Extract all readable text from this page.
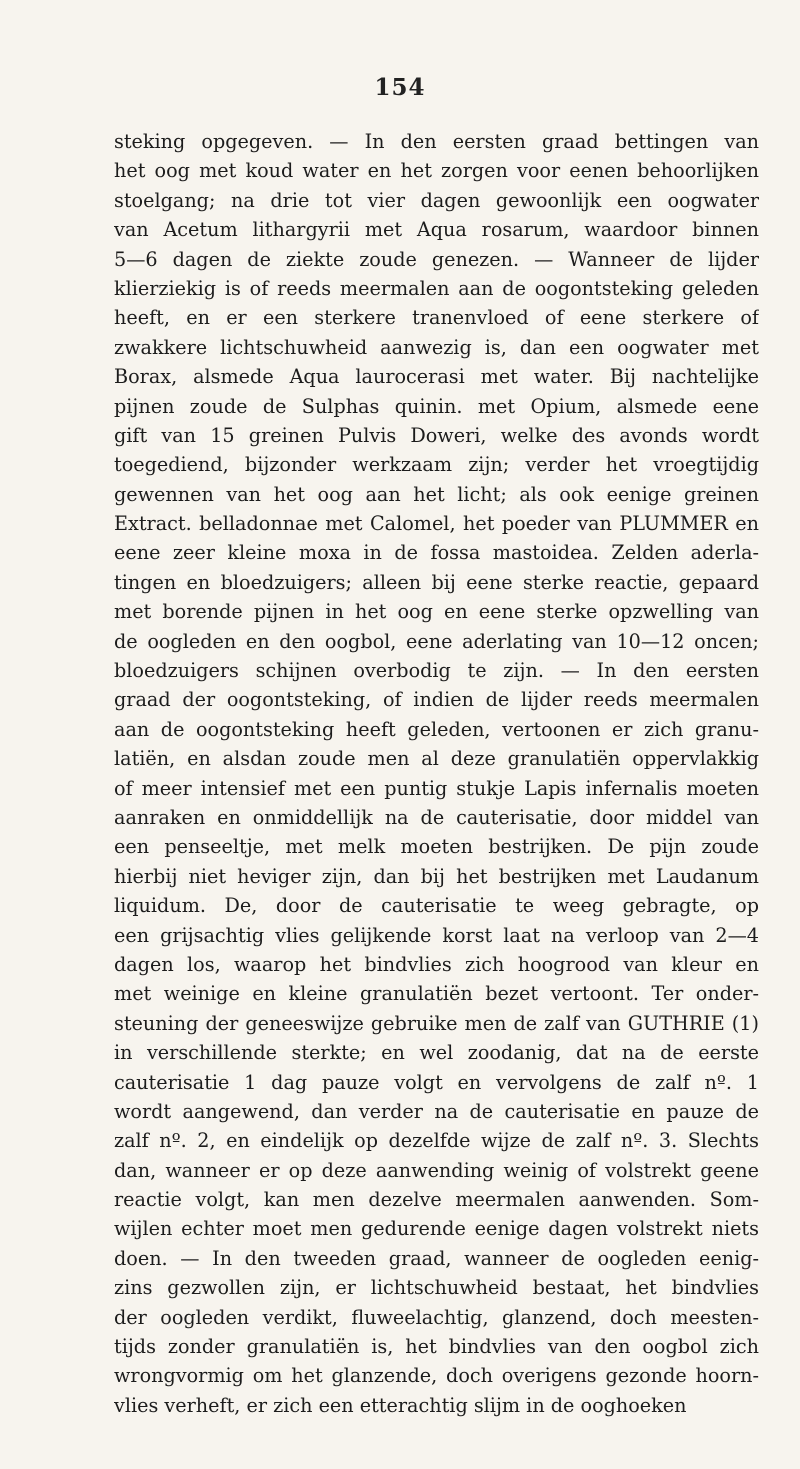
154
steking opgegeven. — In den eersten graad bettingen van
het oog met koud water en het zorgen voor eenen behoorlijken
stoelgang; na drie tot vier dagen gewoonlijk een oogwater
van Acetum lithargyrii met Aqua rosarum, waardoor binnen
5—6 dagen de ziekte zoude genezen. — Wanneer de lijder
klierziekig is of reeds meermalen aan de oogontsteking geleden
heeft, en er een sterkere tranenvloed of eene sterkere of
zwakkere lichtschuwheid aanwezig is, dan een oogwater met
Borax, alsmede Aqua laurocerasi met water. Bij nachtelijke
pijnen zoude de Sulphas quinin. met Opium, alsmede eene
gift van 15 greinen Pulvis Doweri, welke des avonds wordt
toegediend, bijzonder werkzaam zijn; verder het vroegtijdig
gewennen van het oog aan het licht; als ook eenige greinen
Extract. belladonnae met Calomel, het poeder van PLUMMER en
eene zeer kleine moxa in de fossa mastoidea. Zelden aderla-
tingen en bloedzuigers; alleen bij eene sterke reactie, gepaard
met borende pijnen in het oog en eene sterke opzwelling van
de oogleden en den oogbol, eene aderlating van 10—12 oncen;
bloedzuigers schijnen overbodig te zijn. — In den eersten
graad der oogontsteking, of indien de lijder reeds meermalen
aan de oogontsteking heeft geleden, vertoonen er zich granu-
latiën, en alsdan zoude men al deze granulatiën oppervlakkig
of meer intensief met een puntig stukje Lapis infernalis moeten
aanraken en onmiddellijk na de cauterisatie, door middel van
een penseeltje, met melk moeten bestrijken. De pijn zoude
hierbij niet heviger zijn, dan bij het bestrijken met Laudanum
liquidum. De, door de cauterisatie te weeg gebragte, op
een grijsachtig vlies gelijkende korst laat na verloop van 2—4
dagen los, waarop het bindvlies zich hoogrood van kleur en
met weinige en kleine granulatiën bezet vertoont. Ter onder-
steuning der geneeswijze gebruike men de zalf van GUTHRIE (1)
in verschillende sterkte; en wel zoodanig, dat na de eerste
cauterisatie 1 dag pauze volgt en vervolgens de zalf nº. 1
wordt aangewend, dan verder na de cauterisatie en pauze de
zalf nº. 2, en eindelijk op dezelfde wijze de zalf nº. 3. Slechts
dan, wanneer er op deze aanwending weinig of volstrekt geene
reactie volgt, kan men dezelve meermalen aanwenden. Som-
wijlen echter moet men gedurende eenige dagen volstrekt niets
doen. — In den tweeden graad, wanneer de oogleden eenig-
zins gezwollen zijn, er lichtschuwheid bestaat, het bindvlies
der oogleden verdikt, fluweelachtig, glanzend, doch meesten-
tijds zonder granulatiën is, het bindvlies van den oogbol zich
wrongvormig om het glanzende, doch overigens gezonde hoorn-
vlies verheft, er zich een etterachtig slijm in de ooghoeken
